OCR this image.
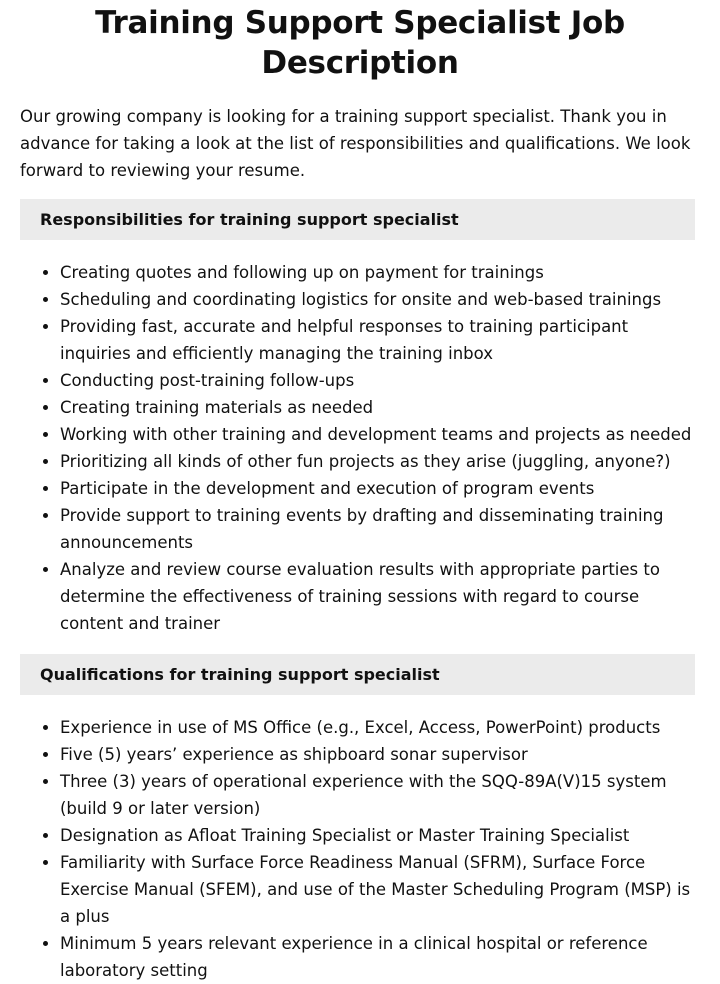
Training Support Specialist Job Description

Our growing company is looking for a training support specialist. Thank you in advance for taking a look at the list of responsibilities and qualifications. We look forward to reviewing your resume.

Responsibilities for training support specialist
• Creating quotes and following up on payment for trainings
• Scheduling and coordinating logistics for onsite and web-based trainings
• Providing fast, accurate and helpful responses to training participant inquiries and efficiently managing the training inbox
• Conducting post-training follow-ups
• Creating training materials as needed
• Working with other training and development teams and projects as needed
• Prioritizing all kinds of other fun projects as they arise (juggling, anyone?)
• Participate in the development and execution of program events
• Provide support to training events by drafting and disseminating training announcements
• Analyze and review course evaluation results with appropriate parties to determine the effectiveness of training sessions with regard to course content and trainer
Qualifications for training support specialist
• Experience in use of MS Office (e.g., Excel, Access, PowerPoint) products
• Five (5) years’ experience as shipboard sonar supervisor
• Three (3) years of operational experience with the SQQ-89A(V)15 system (build 9 or later version)
• Designation as Afloat Training Specialist or Master Training Specialist
• Familiarity with Surface Force Readiness Manual (SFRM), Surface Force Exercise Manual (SFEM), and use of the Master Scheduling Program (MSP) is a plus
• Minimum 5 years relevant experience in a clinical hospital or reference laboratory setting
